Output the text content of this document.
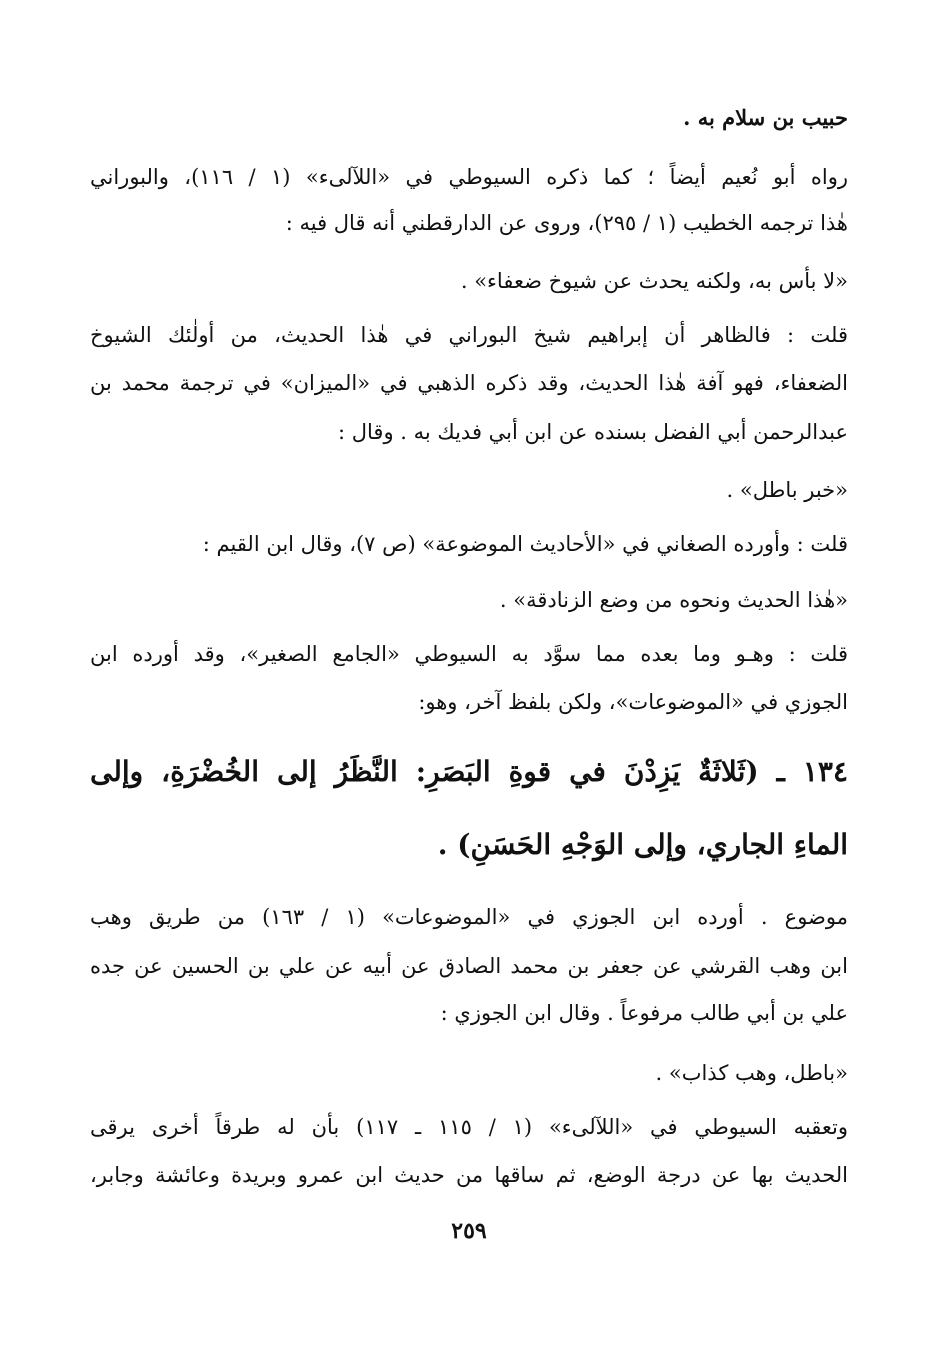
حبيب بن سلام به .
رواه أبو نُعيم أيضاً ؛ كما ذكره السيوطي في «اللآلىء» (١ / ١١٦)، والبوراني
هٰذا ترجمه الخطيب (١ / ٢٩٥)، وروى عن الدارقطني أنه قال فيه :
«لا بأس به، ولكنه يحدث عن شيوخ ضعفاء» .
قلت : فالظاهر أن إبراهيم شيخ البوراني في هٰذا الحديث، من أولٰئك الشيوخ
الضعفاء، فهو آفة هٰذا الحديث، وقد ذكره الذهبي في «الميزان» في ترجمة محمد بن
عبدالرحمن أبي الفضل بسنده عن ابن أبي فديك به . وقال :
«خبر باطل» .
قلت : وأورده الصغاني في «الأحاديث الموضوعة» (ص ٧)، وقال ابن القيم :
«هٰذا الحديث ونحوه من وضع الزنادقة» .
قلت : وهـو وما بعده مما سوَّد به السيوطي «الجامع الصغير»، وقد أورده ابن
الجوزي في «الموضوعات»، ولكن بلفظ آخر، وهو:
١٣٤ ـ (ثَلاثَةٌ يَزِدْنَ في قوةِ البَصَرِ: النَّظَرُ إلى الخُضْرَةِ، وإلى
الماءِ الجاري، وإلى الوَجْهِ الحَسَنِ) .
موضوع . أورده ابن الجوزي في «الموضوعات» (١ / ١٦٣) من طريق وهب
ابن وهب القرشي عن جعفر بن محمد الصادق عن أبيه عن علي بن الحسين عن جده
علي بن أبي طالب مرفوعاً . وقال ابن الجوزي :
«باطل، وهب كذاب» .
وتعقبه السيوطي في «اللآلىء» (١ / ١١٥ ـ ١١٧) بأن له طرقاً أخرى يرقى
الحديث بها عن درجة الوضع، ثم ساقها من حديث ابن عمرو وبريدة وعائشة وجابر،
٢٥٩
